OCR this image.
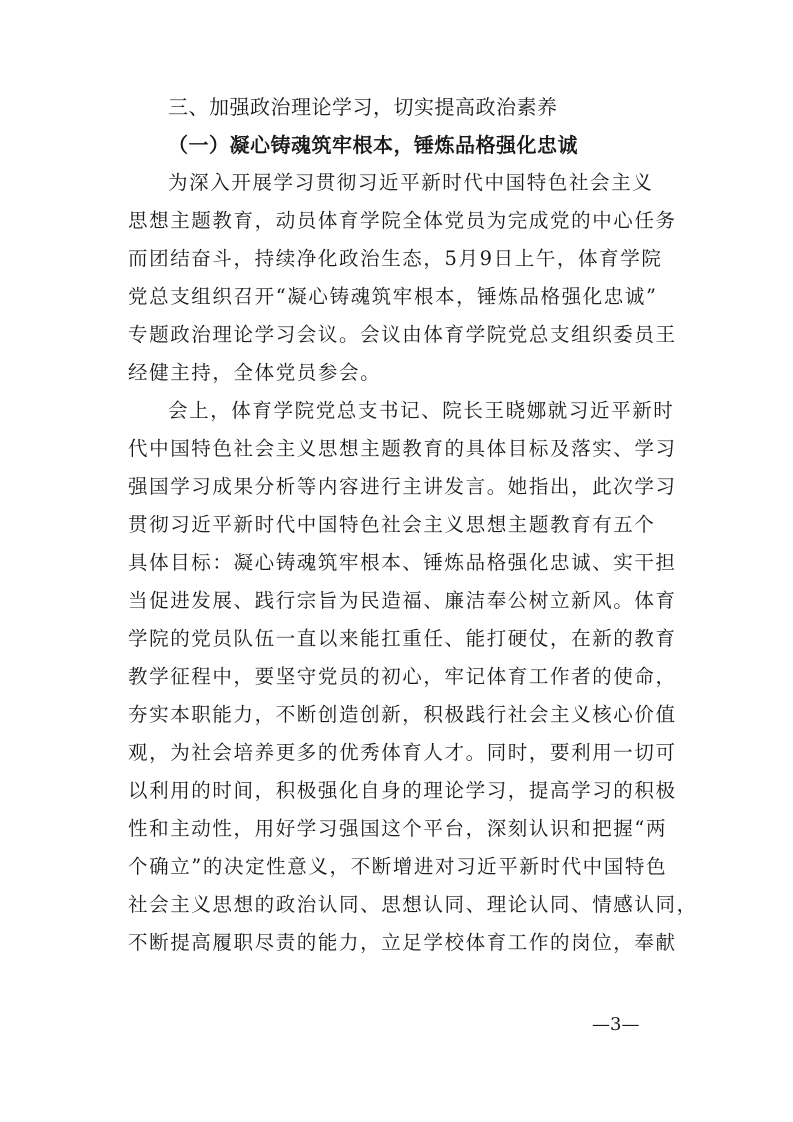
三、加强政治理论学习，切实提高政治素养
（一）凝心铸魂筑牢根本，锤炼品格强化忠诚
为深入开展学习贯彻习近平新时代中国特色社会主义
思想主题教育，动员体育学院全体党员为完成党的中心任务
而团结奋斗，持续净化政治生态，5月9日上午，体育学院
党总支组织召开“凝心铸魂筑牢根本，锤炼品格强化忠诚”
专题政治理论学习会议。会议由体育学院党总支组织委员王
经健主持，全体党员参会。
会上，体育学院党总支书记、院长王晓娜就习近平新时
代中国特色社会主义思想主题教育的具体目标及落实、学习
强国学习成果分析等内容进行主讲发言。她指出，此次学习
贯彻习近平新时代中国特色社会主义思想主题教育有五个
具体目标：凝心铸魂筑牢根本、锤炼品格强化忠诚、实干担
当促进发展、践行宗旨为民造福、廉洁奉公树立新风。体育
学院的党员队伍一直以来能扛重任、能打硬仗，在新的教育
教学征程中，要坚守党员的初心，牢记体育工作者的使命，
夯实本职能力，不断创造创新，积极践行社会主义核心价值
观，为社会培养更多的优秀体育人才。同时，要利用一切可
以利用的时间，积极强化自身的理论学习，提高学习的积极
性和主动性，用好学习强国这个平台，深刻认识和把握“两
个确立”的决定性意义，不断增进对习近平新时代中国特色
社会主义思想的政治认同、思想认同、理论认同、情感认同，
不断提高履职尽责的能力，立足学校体育工作的岗位，奉献
—3—
